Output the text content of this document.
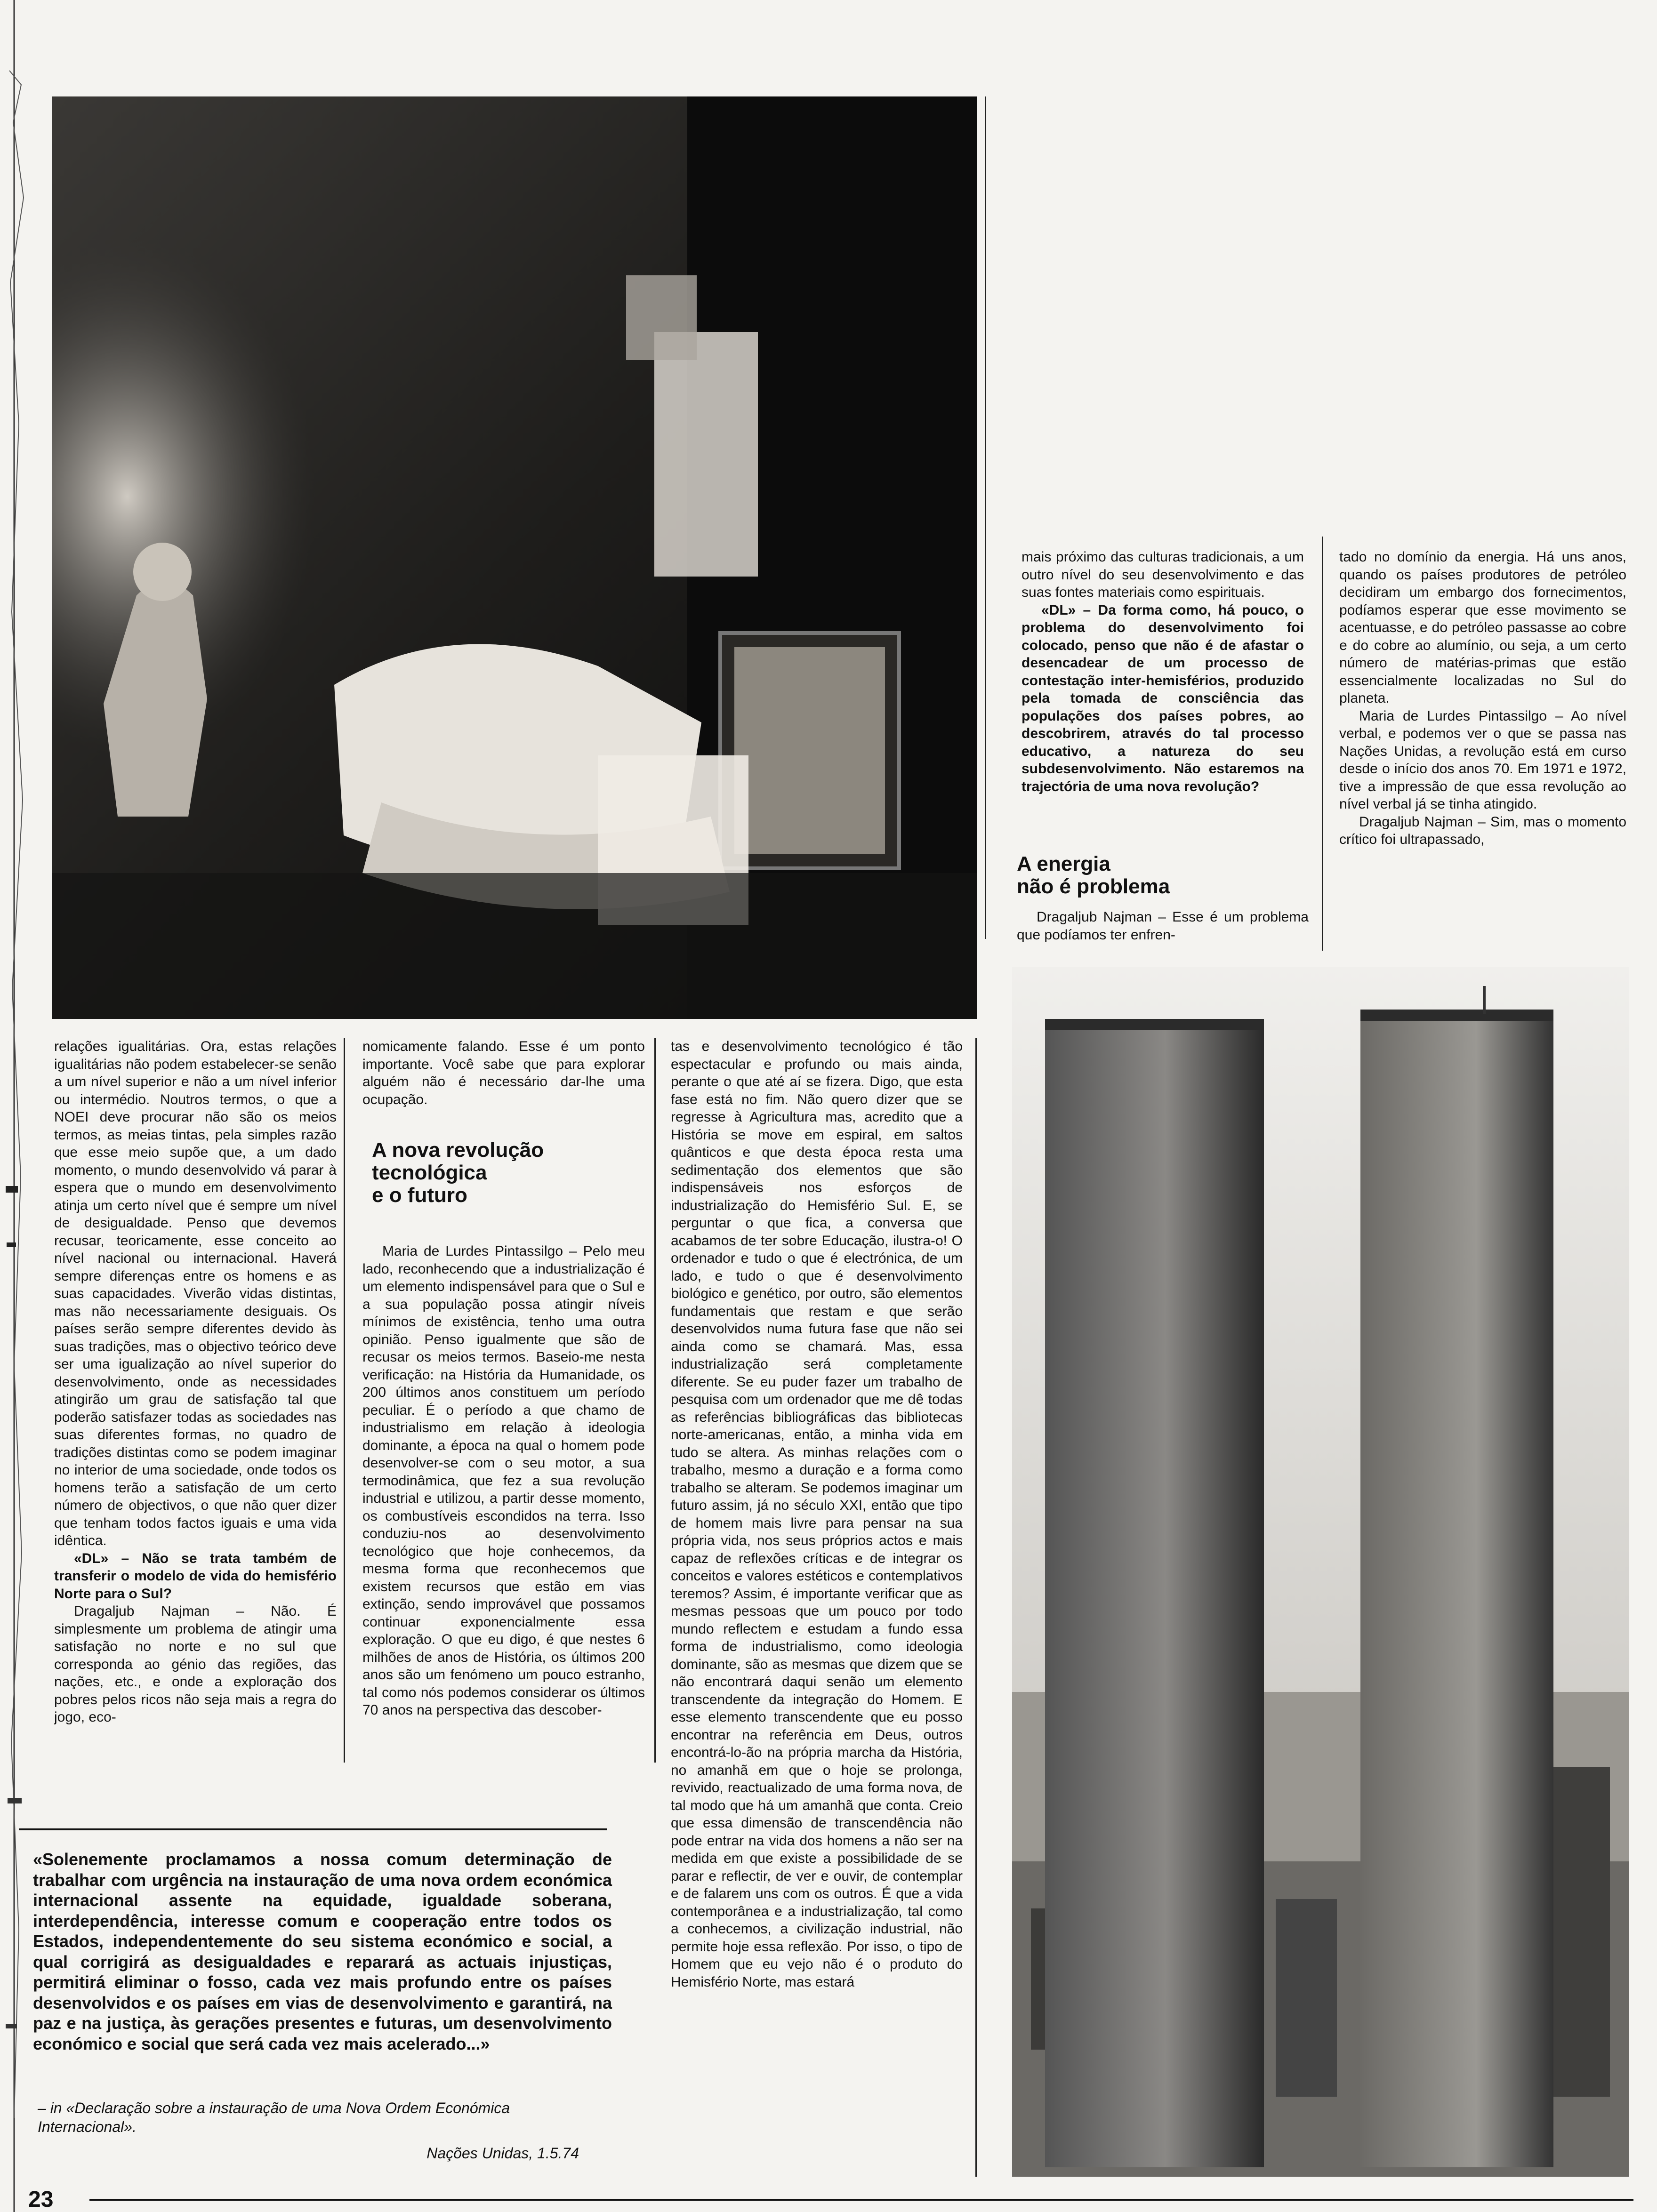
mais próximo das culturas tradicionais, a um outro nível do seu desenvolvimento e das suas fontes materiais como espirituais.

«DL» – Da forma como, há pouco, o problema do desenvolvimento foi colocado, penso que não é de afastar o desencadear de um processo de contestação inter-hemisférios, produzido pela tomada de consciência das populações dos países pobres, ao descobrirem, através do tal processo educativo, a natureza do seu subdesenvolvimento. Não estaremos na trajectória de uma nova revolução?

A energia
não é problema

Dragaljub Najman – Esse é um problema que podíamos ter enfren-

tado no domínio da energia. Há uns anos, quando os países produtores de petróleo decidiram um embargo dos fornecimentos, podíamos esperar que esse movimento se acentuasse, e do petróleo passasse ao cobre e do cobre ao alumínio, ou seja, a um certo número de matérias-primas que estão essencialmente localizadas no Sul do planeta.

Maria de Lurdes Pintassilgo – Ao nível verbal, e podemos ver o que se passa nas Nações Unidas, a revolução está em curso desde o início dos anos 70. Em 1971 e 1972, tive a impressão de que essa revolução ao nível verbal já se tinha atingido.

Dragaljub Najman – Sim, mas o momento crítico foi ultrapassado,

relações igualitárias. Ora, estas relações igualitárias não podem estabelecer-se senão a um nível superior e não a um nível inferior ou intermédio. Noutros termos, o que a NOEI deve procurar não são os meios termos, as meias tintas, pela simples razão que esse meio supõe que, a um dado momento, o mundo desenvolvido vá parar à espera que o mundo em desenvolvimento atinja um certo nível que é sempre um nível de desigualdade. Penso que devemos recusar, teoricamente, esse conceito ao nível nacional ou internacional. Haverá sempre diferenças entre os homens e as suas capacidades. Viverão vidas distintas, mas não necessariamente desiguais. Os países serão sempre diferentes devido às suas tradições, mas o objectivo teórico deve ser uma igualização ao nível superior do desenvolvimento, onde as necessidades atingirão um grau de satisfação tal que poderão satisfazer todas as sociedades nas suas diferentes formas, no quadro de tradições distintas como se podem imaginar no interior de uma sociedade, onde todos os homens terão a satisfação de um certo número de objectivos, o que não quer dizer que tenham todos factos iguais e uma vida idêntica.

«DL» – Não se trata também de transferir o modelo de vida do hemisfério Norte para o Sul?

Dragaljub Najman – Não. É simplesmente um problema de atingir uma satisfação no norte e no sul que corresponda ao génio das regiões, das nações, etc., e onde a exploração dos pobres pelos ricos não seja mais a regra do jogo, eco-

nomicamente falando. Esse é um ponto importante. Você sabe que para explorar alguém não é necessário dar-lhe uma ocupação.

A nova revolução
tecnológica
e o futuro

Maria de Lurdes Pintassilgo – Pelo meu lado, reconhecendo que a industrialização é um elemento indispensável para que o Sul e a sua população possa atingir níveis mínimos de existência, tenho uma outra opinião. Penso igualmente que são de recusar os meios termos. Baseio-me nesta verificação: na História da Humanidade, os 200 últimos anos constituem um período peculiar. É o período a que chamo de industrialismo em relação à ideologia dominante, a época na qual o homem pode desenvolver-se com o seu motor, a sua termodinâmica, que fez a sua revolução industrial e utilizou, a partir desse momento, os combustíveis escondidos na terra. Isso conduziu-nos ao desenvolvimento tecnológico que hoje conhecemos, da mesma forma que reconhecemos que existem recursos que estão em vias extinção, sendo improvável que possamos continuar exponencialmente essa exploração. O que eu digo, é que nestes 6 milhões de anos de História, os últimos 200 anos são um fenómeno um pouco estranho, tal como nós podemos considerar os últimos 70 anos na perspectiva das descober-

tas e desenvolvimento tecnológico é tão espectacular e profundo ou mais ainda, perante o que até aí se fizera. Digo, que esta fase está no fim. Não quero dizer que se regresse à Agricultura mas, acredito que a História se move em espiral, em saltos quânticos e que desta época resta uma sedimentação dos elementos que são indispensáveis nos esforços de industrialização do Hemisfério Sul. E, se perguntar o que fica, a conversa que acabamos de ter sobre Educação, ilustra-o! O ordenador e tudo o que é electrónica, de um lado, e tudo o que é desenvolvimento biológico e genético, por outro, são elementos fundamentais que restam e que serão desenvolvidos numa futura fase que não sei ainda como se chamará. Mas, essa industrialização será completamente diferente. Se eu puder fazer um trabalho de pesquisa com um ordenador que me dê todas as referências bibliográficas das bibliotecas norte-americanas, então, a minha vida em tudo se altera. As minhas relações com o trabalho, mesmo a duração e a forma como trabalho se alteram. Se podemos imaginar um futuro assim, já no século XXI, então que tipo de homem mais livre para pensar na sua própria vida, nos seus próprios actos e mais capaz de reflexões críticas e de integrar os conceitos e valores estéticos e contemplativos teremos? Assim, é importante verificar que as mesmas pessoas que um pouco por todo mundo reflectem e estudam a fundo essa forma de industrialismo, como ideologia dominante, são as mesmas que dizem que se não encontrará daqui senão um elemento transcendente da integração do Homem. E esse elemento transcendente que eu posso encontrar na referência em Deus, outros encontrá-lo-ão na própria marcha da História, no amanhã em que o hoje se prolonga, revivido, reactualizado de uma forma nova, de tal modo que há um amanhã que conta. Creio que essa dimensão de transcendência não pode entrar na vida dos homens a não ser na medida em que existe a possibilidade de se parar e reflectir, de ver e ouvir, de contemplar e de falarem uns com os outros. É que a vida contemporânea e a industrialização, tal como a conhecemos, a civilização industrial, não permite hoje essa reflexão. Por isso, o tipo de Homem que eu vejo não é o produto do Hemisfério Norte, mas estará

«Solenemente proclamamos a nossa comum determinação de trabalhar com urgência na instauração de uma nova ordem económica internacional assente na equidade, igualdade soberana, interdependência, interesse comum e cooperação entre todos os Estados, independentemente do seu sistema económico e social, a qual corrigirá as desigualdades e reparará as actuais injustiças, permitirá eliminar o fosso, cada vez mais profundo entre os países desenvolvidos e os países em vias de desenvolvimento e garantirá, na paz e na justiça, às gerações presentes e futuras, um desenvolvimento económico e social que será cada vez mais acelerado...»

– in «Declaração sobre a instauração de uma Nova Ordem Económica Internacional».

Nações Unidas, 1.5.74

23
